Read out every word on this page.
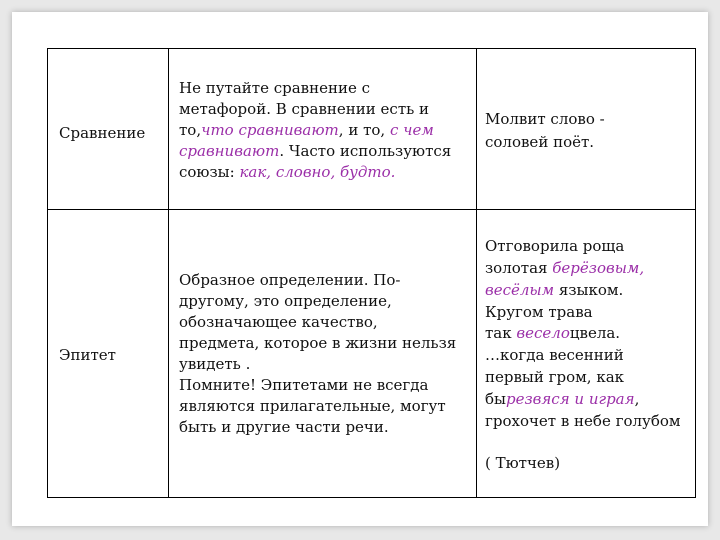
Сравнение
Не путайте сравнение с
метафорой. В сравнении есть и
то,что сравнивают, и то, с чем
сравнивают. Часто используются
союзы: как, словно, будто.
Молвит слово -
соловей поёт.
Эпитет
Образное определении. По-
другому, это определение,
обозначающее качество,
предмета, которое в жизни нельзя
увидеть .
Помните! Эпитетами не всегда
являются прилагательные, могут
быть и другие части речи.
Отговорила роща
золотая берёзовым,
весёлым языком.
Кругом трава
так веселоцвела.
…когда весенний
первый гром, как
бырезвяся и играя,
грохочет в небе голубом
( Тютчев)
